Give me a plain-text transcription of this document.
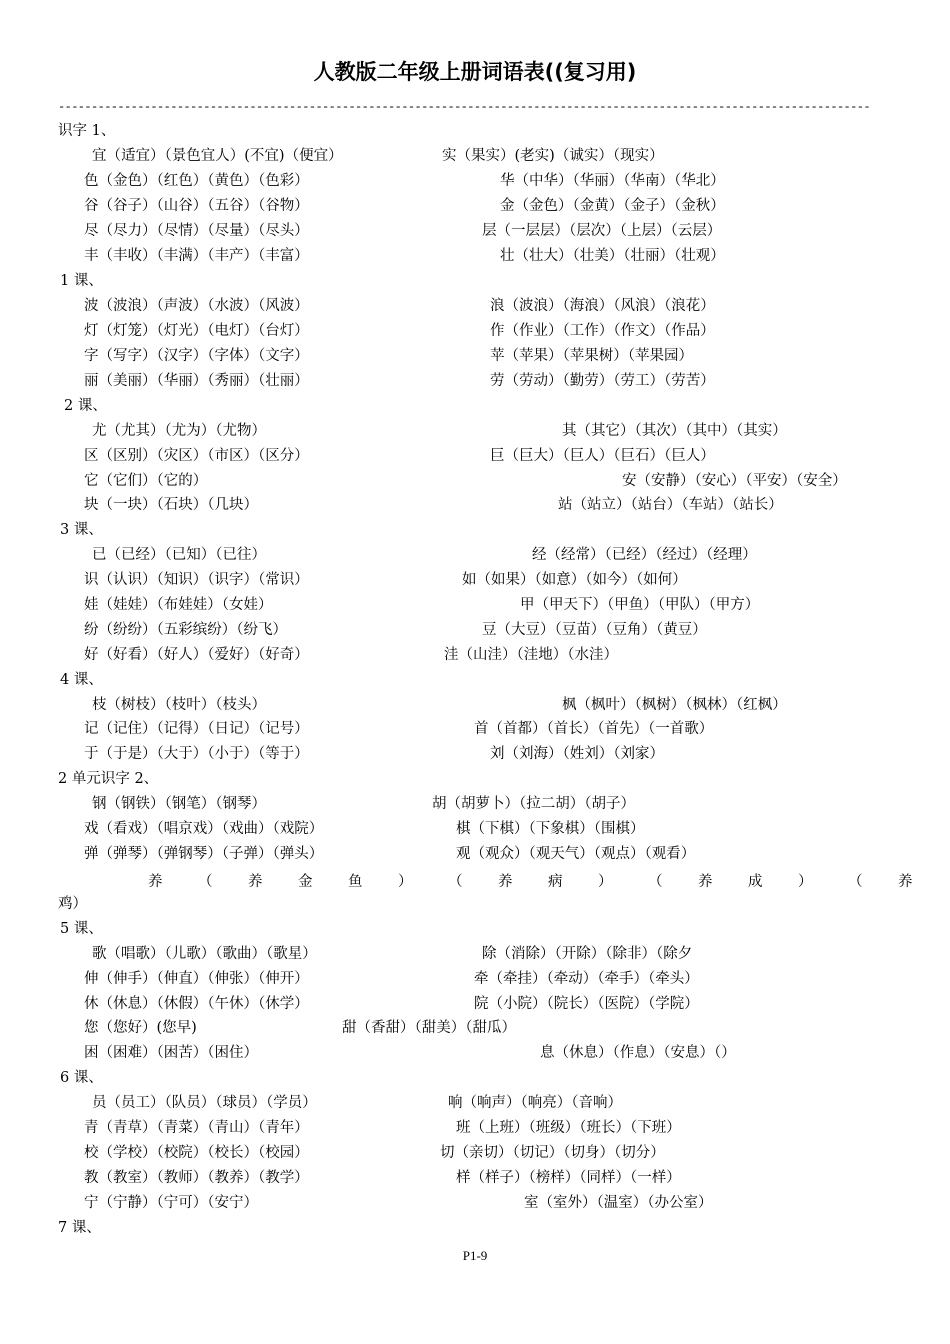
人教版二年级上册词语表((复习用)
---------------------------------------------------------------------------------------------------------------------------
识字 1、
宜（适宜）（景色宜人）(不宜)（便宜）	实（果实）(老实)（诚实）（现实）
色（金色）（红色）（黄色）（色彩）	华（中华）（华丽）（华南）（华北）
谷（谷子）（山谷）（五谷）（谷物）	金（金色）（金黄）（金子）（金秋）
尽（尽力）（尽情）（尽量）（尽头）	层（一层层）（层次）（上层）（云层）
丰（丰收）（丰满）（丰产）（丰富）	壮（壮大）（壮美）（壮丽）（壮观）
1 课、
波（波浪）（声波）（水波）（风波）	浪（波浪）（海浪）（风浪）（浪花）
灯（灯笼）（灯光）（电灯）（台灯）	作（作业）（工作）（作文）（作品）
字（写字）（汉字）（字体）（文字）	苹（苹果）（苹果树）（苹果园）
丽（美丽）（华丽）（秀丽）（壮丽）	劳（劳动）（勤劳）（劳工）（劳苦）
2 课、
尤（尤其）（尤为）（尤物）	其（其它）（其次）（其中）（其实）
区（区别）（灾区）（市区）（区分）	巨（巨大）（巨人）（巨石）（巨人）
它（它们）（它的）	安（安静）（安心）（平安）（安全）
块（一块）（石块）（几块）	站（站立）（站台）（车站）（站长）
3 课、
已（已经）（已知）（已往）	经（经常）（已经）（经过）（经理）
识（认识）（知识）（识字）（常识）	如（如果）（如意）（如今）（如何）
娃（娃娃）（布娃娃）（女娃）	甲（甲天下）（甲鱼）（甲队）（甲方）
纷（纷纷）（五彩缤纷）（纷飞）	豆（大豆）（豆苗）（豆角）（黄豆）
好（好看）（好人）（爱好）（好奇）	洼（山洼）（洼地）（水洼）
4 课、
枝（树枝）（枝叶）（枝头）	枫（枫叶）（枫树）（枫林）（红枫）
记（记住）（记得）（日记）（记号）	首（首都）（首长）（首先）（一首歌）
于（于是）（大于）（小于）（等于）	刘（刘海）（姓刘）（刘家）
2 单元识字 2、
钢（钢铁）（钢笔）（钢琴）	胡（胡萝卜）（拉二胡）（胡子）
戏（看戏）（唱京戏）（戏曲）（戏院）	棋（下棋）（下象棋）（围棋）
弹（弹琴）（弹钢琴）（子弹）（弹头）	观（观众）（观天气）（观点）（观看）
鸡）
5 课、
歌（唱歌）（儿歌）（歌曲）（歌星）	除（消除）（开除）（除非）（除夕
伸（伸手）（伸直）（伸张）（伸开）	牵（牵挂）（牵动）（牵手）（牵头）
休（休息）（休假）（午休）（休学）	院（小院）（院长）（医院）（学院）
您（您好）(您早)	甜（香甜）（甜美）（甜瓜）
困（困难）（困苦）（困住）	息（休息）（作息）（安息）（）
6 课、
员（员工）（队员）（球员）（学员）	响（响声）（响亮）（音响）
青（青草）（青菜）（青山）（青年）	班（上班）（班级）（班长）（下班）
校（学校）（校院）（校长）（校园）	切（亲切）（切记）（切身）（切分）
教（教室）（教师）（教养）（教学）	样（样子）（榜样）（同样）（一样）
宁（宁静）（宁可）（安宁）	室（室外）（温室）（办公室）
7 课、
养 （ 养 金 鱼 ） （ 养 病 ） （ 养 成 ） （ 养
P1-9
